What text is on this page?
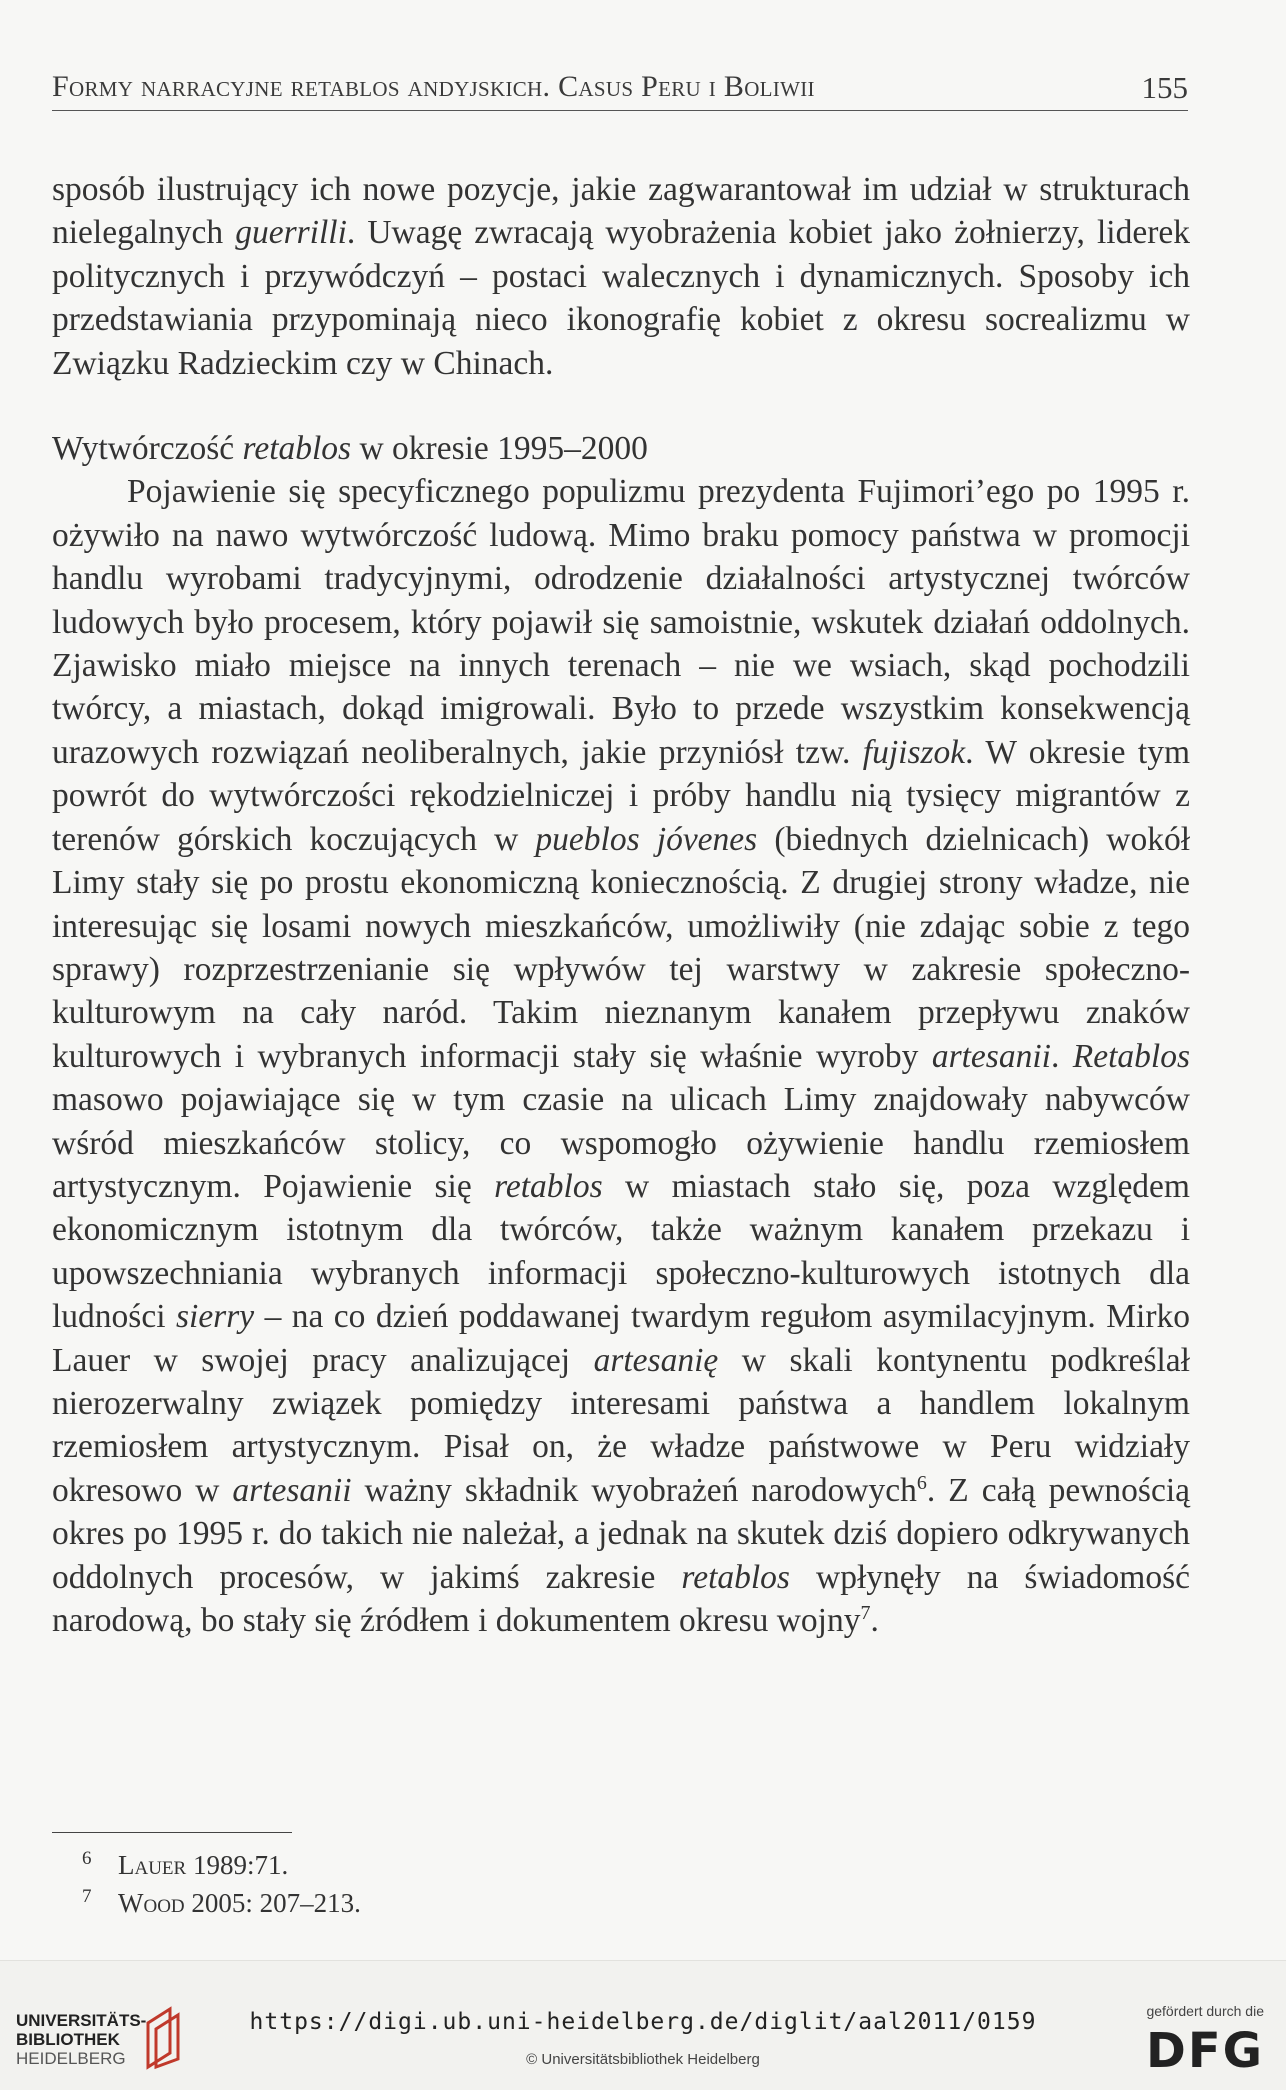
Formy narracyjne retablos andyjskich. Casus Peru i Boliwii	155

sposób ilustrujący ich nowe pozycje, jakie zagwarantował im udział w strukturach nielegalnych guerrilli. Uwagę zwracają wyobrażenia kobiet jako żołnierzy, liderek politycznych i przywódczyń – postaci walecznych i dynamicznych. Sposoby ich przedstawiania przypominają nieco ikonografię kobiet z okresu socrealizmu w Związku Radzieckim czy w Chinach.

Wytwórczość retablos w okresie 1995–2000

Pojawienie się specyficznego populizmu prezydenta Fujimori’ego po 1995 r. ożywiło na nawo wytwórczość ludową. Mimo braku pomocy państwa w promocji handlu wyrobami tradycyjnymi, odrodzenie działalności artystycznej twórców ludowych było procesem, który pojawił się samoistnie, wskutek działań oddolnych. Zjawisko miało miejsce na innych terenach – nie we wsiach, skąd pochodzili twórcy, a miastach, dokąd imigrowali. Było to przede wszystkim konsekwencją urazowych rozwiązań neoliberalnych, jakie przyniósł tzw. fujiszok. W okresie tym powrót do wytwórczości rękodzielniczej i próby handlu nią tysięcy migrantów z terenów górskich koczujących w pueblos jóvenes (biednych dzielnicach) wokół Limy stały się po prostu ekonomiczną koniecznością. Z drugiej strony władze, nie interesując się losami nowych mieszkańców, umożliwiły (nie zdając sobie z tego sprawy) rozprzestrzenianie się wpływów tej warstwy w zakresie społeczno-kulturowym na cały naród. Takim nieznanym kanałem przepływu znaków kulturowych i wybranych informacji stały się właśnie wyroby artesanii. Retablos masowo pojawiające się w tym czasie na ulicach Limy znajdowały nabywców wśród mieszkańców stolicy, co wspomogło ożywienie handlu rzemiosłem artystycznym. Pojawienie się retablos w miastach stało się, poza względem ekonomicznym istotnym dla twórców, także ważnym kanałem przekazu i upowszechniania wybranych informacji społeczno-kulturowych istotnych dla ludności sierry – na co dzień poddawanej twardym regułom asymilacyjnym. Mirko Lauer w swojej pracy analizującej artesanię w skali kontynentu podkreślał nierozerwalny związek pomiędzy interesami państwa a handlem lokalnym rzemiosłem artystycznym. Pisał on, że władze państwowe w Peru widziały okresowo w artesanii ważny składnik wyobrażeń narodowych$^6$. Z całą pewnością okres po 1995 r. do takich nie należał, a jednak na skutek dziś dopiero odkrywanych oddolnych procesów, w jakimś zakresie retablos wpłynęły na świadomość narodową, bo stały się źródłem i dokumentem okresu wojny$^7$.

6 Lauer 1989:71.
7 Wood 2005: 207–213.
UNIVERSITÄTS-
BIBLIOTHEK
HEIDELBERG
https://digi.ub.uni-heidelberg.de/diglit/aal2011/0159
© Universitätsbibliothek Heidelberg
gefördert durch die
DFG
